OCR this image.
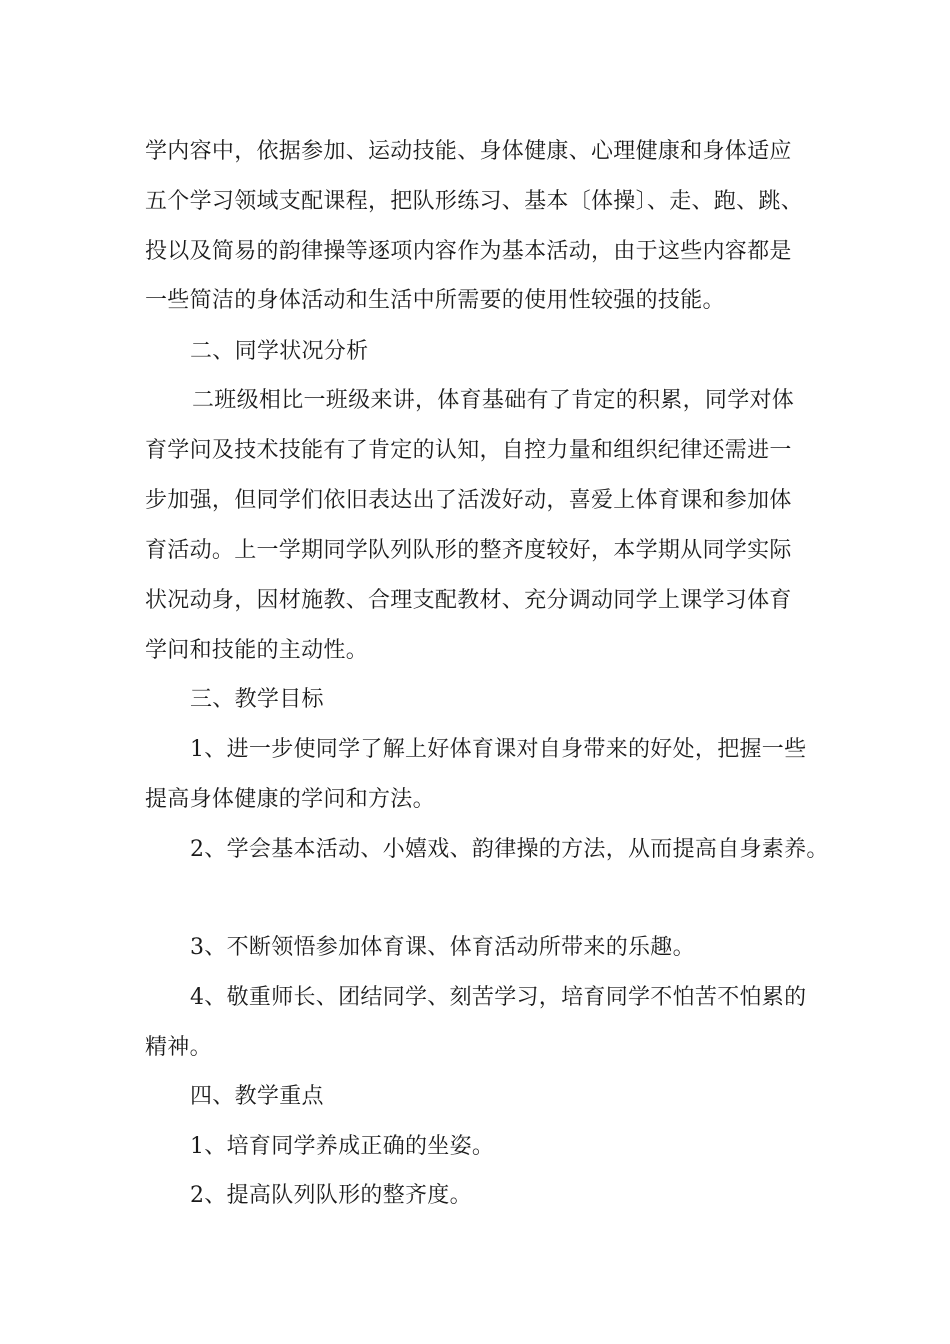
学内容中，依据参加、运动技能、身体健康、心理健康和身体适应
五个学习领域支配课程，把队形练习、基本〔体操〕、走、跑、跳、
投以及简易的韵律操等逐项内容作为基本活动，由于这些内容都是
一些简洁的身体活动和生活中所需要的使用性较强的技能。
二、同学状况分析
二班级相比一班级来讲，体育基础有了肯定的积累，同学对体
育学问及技术技能有了肯定的认知，自控力量和组织纪律还需进一
步加强，但同学们依旧表达出了活泼好动，喜爱上体育课和参加体
育活动。上一学期同学队列队形的整齐度较好，本学期从同学实际
状况动身，因材施教、合理支配教材、充分调动同学上课学习体育
学问和技能的主动性。
三、教学目标
1、进一步使同学了解上好体育课对自身带来的好处，把握一些
提高身体健康的学问和方法。
2、学会基本活动、小嬉戏、韵律操的方法，从而提高自身素养。
3、不断领悟参加体育课、体育活动所带来的乐趣。
4、敬重师长、团结同学、刻苦学习，培育同学不怕苦不怕累的
精神。
四、教学重点
1、培育同学养成正确的坐姿。
2、提高队列队形的整齐度。
